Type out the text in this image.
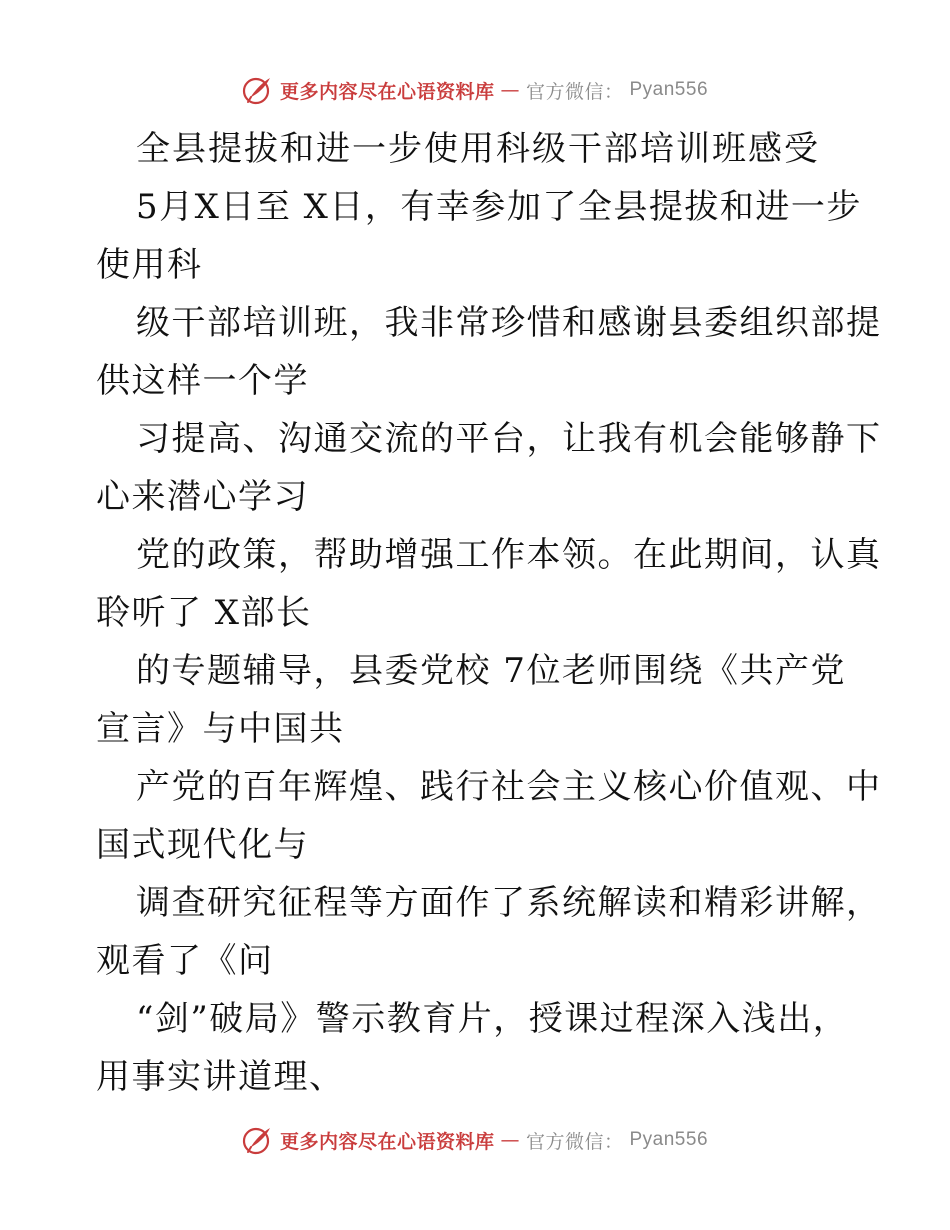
更多内容尽在心语资料库 — 官方微信： Pyan556
全县提拔和进一步使用科级干部培训班感受
5月X日至 X日，有幸参加了全县提拔和进一步
使用科
级干部培训班，我非常珍惜和感谢县委组织部提
供这样一个学
习提高、沟通交流的平台，让我有机会能够静下
心来潜心学习
党的政策，帮助增强工作本领。在此期间，认真
聆听了 X部长
的专题辅导，县委党校 7位老师围绕《共产党
宣言》与中国共
产党的百年辉煌、践行社会主义核心价值观、中
国式现代化与
调查研究征程等方面作了系统解读和精彩讲解，
观看了《问
“剑”破局》警示教育片，授课过程深入浅出，
用事实讲道理、
更多内容尽在心语资料库 — 官方微信： Pyan556
